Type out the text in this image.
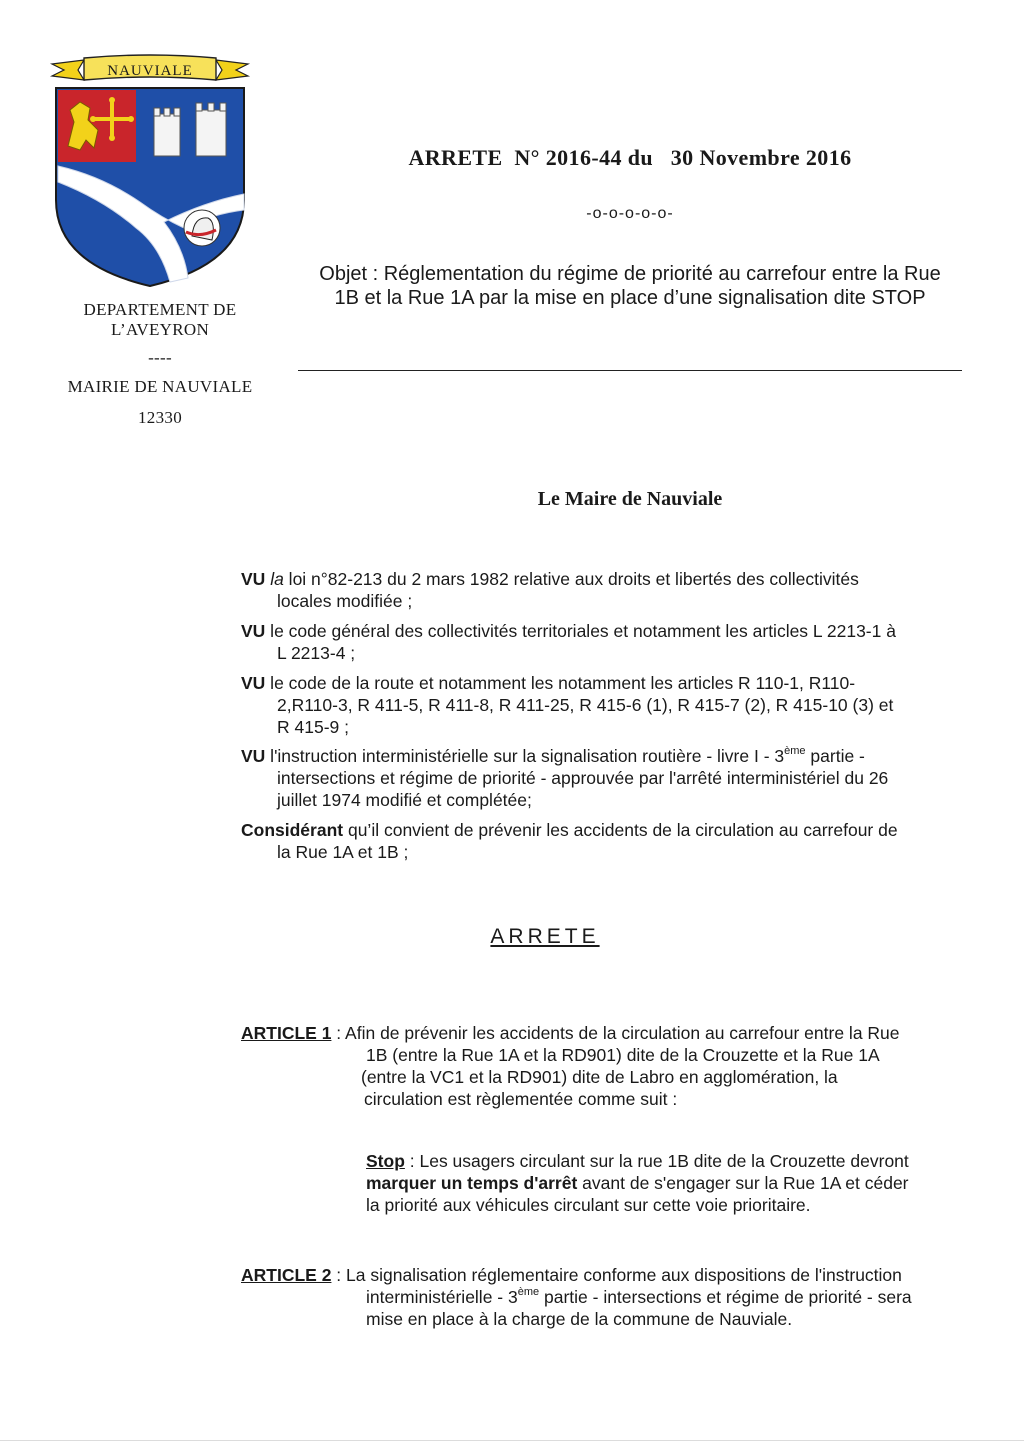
NAUVIALE
DEPARTEMENT DE
L’AVEYRON
----
MAIRIE DE NAUVIALE
12330
ARRETE  N° 2016-44 du   30 Novembre 2016
-o-o-o-o-o-
Objet : Réglementation du régime de priorité au carrefour entre la Rue
1B et la Rue 1A par la mise en place d’une signalisation dite STOP
Le Maire de Nauviale
VU la loi n°82-213 du 2 mars 1982 relative aux droits et libertés des collectivités
locales modifiée ;
VU le code général des collectivités territoriales et notamment les articles L 2213-1 à
L 2213-4 ;
VU le code de la route et notamment les notamment les articles R 110-1, R110-
2,R110-3, R 411-5, R 411-8, R 411-25, R 415-6 (1), R 415-7 (2), R 415-10 (3) et
R 415-9 ;
VU l'instruction interministérielle sur la signalisation routière - livre I - 3ème partie -
intersections et régime de priorité - approuvée par l'arrêté interministériel du 26
juillet 1974 modifié et complétée;
Considérant qu’il convient de prévenir les accidents de la circulation au carrefour de
la Rue 1A et 1B ;
ARRETE
ARTICLE 1 : Afin de prévenir les accidents de la circulation au carrefour entre la Rue
1B (entre la Rue 1A et la RD901) dite de la Crouzette et la Rue 1A
(entre la VC1 et la RD901) dite de Labro en agglomération, la
circulation est règlementée comme suit :
Stop : Les usagers circulant sur la rue 1B dite de la Crouzette devront
marquer un temps d'arrêt avant de s'engager sur la Rue 1A et céder
la priorité aux véhicules circulant sur cette voie prioritaire.
ARTICLE 2 : La signalisation réglementaire conforme aux dispositions de l'instruction
interministérielle - 3ème partie - intersections et régime de priorité - sera
mise en place à la charge de la commune de Nauviale.
